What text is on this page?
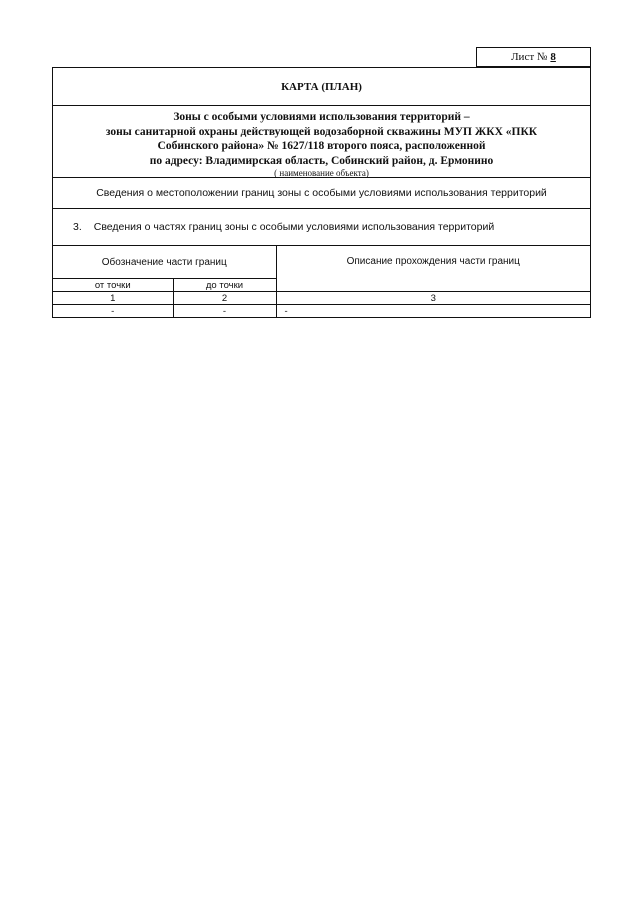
Лист № 8
КАРТА (ПЛАН)
Зоны с особыми условиями использования территорий –
зоны санитарной охраны действующей водозаборной скважины МУП ЖКХ «ПКК
Собинского района» № 1627/118 второго пояса, расположенной
по адресу: Владимирская область, Собинский район, д. Ермонино
( наименование объекта)
Сведения о местоположении границ зоны с особыми условиями использования территорий
3. Сведения о частях границ зоны с особыми условиями использования территорий
Обозначение части границ		Описание прохождения части границ
от точки	до точки	
1	2	3
-	-	-
